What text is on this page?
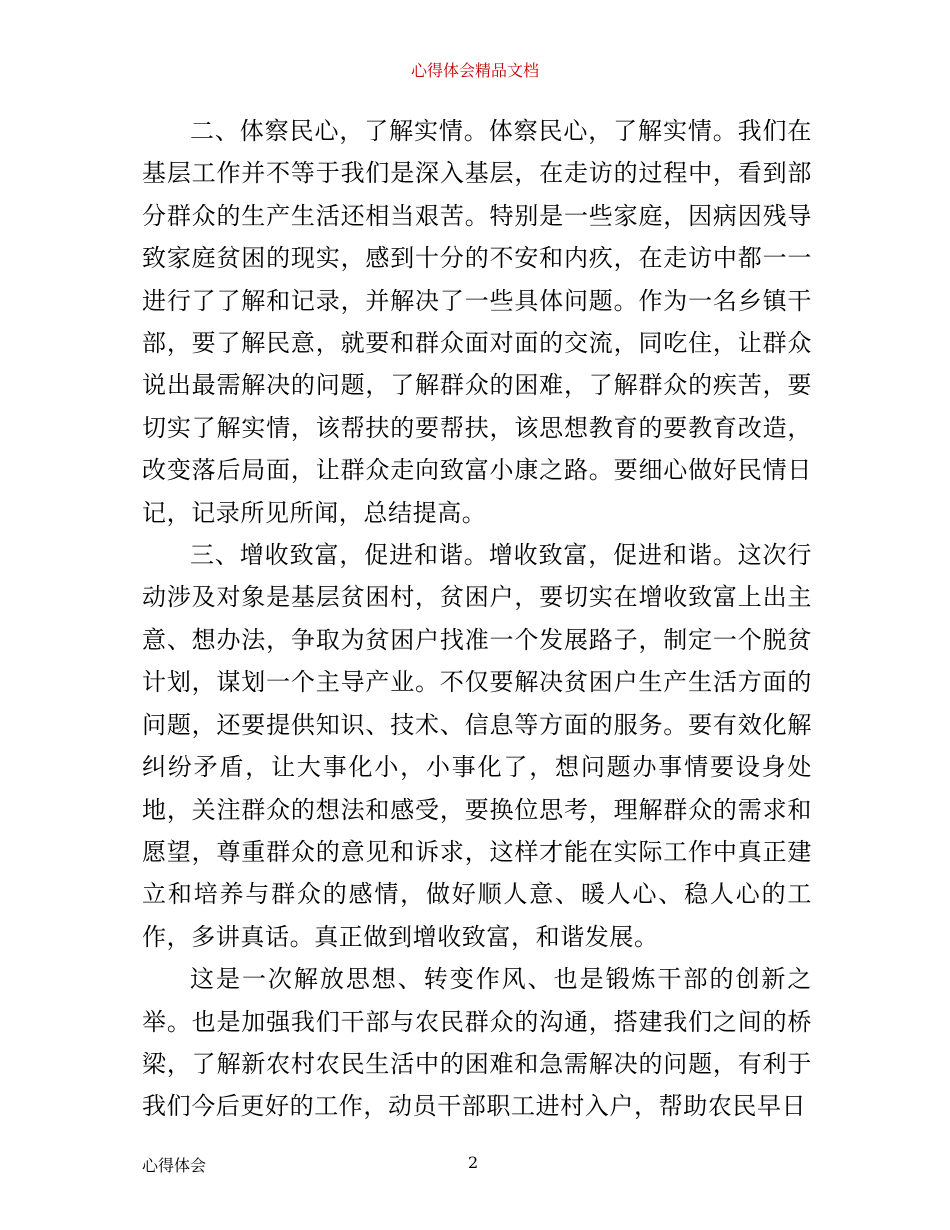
心得体会精品文档

二、体察民心，了解实情。体察民心，了解实情。我们在基层工作并不等于我们是深入基层，在走访的过程中，看到部分群众的生产生活还相当艰苦。特别是一些家庭，因病因残导致家庭贫困的现实，感到十分的不安和内疚，在走访中都一一进行了了解和记录，并解决了一些具体问题。作为一名乡镇干部，要了解民意，就要和群众面对面的交流，同吃住，让群众说出最需解决的问题，了解群众的困难，了解群众的疾苦，要切实了解实情，该帮扶的要帮扶，该思想教育的要教育改造，改变落后局面，让群众走向致富小康之路。要细心做好民情日记，记录所见所闻，总结提高。

三、增收致富，促进和谐。增收致富，促进和谐。这次行动涉及对象是基层贫困村，贫困户，要切实在增收致富上出主意、想办法，争取为贫困户找准一个发展路子，制定一个脱贫计划，谋划一个主导产业。不仅要解决贫困户生产生活方面的问题，还要提供知识、技术、信息等方面的服务。要有效化解纠纷矛盾，让大事化小，小事化了，想问题办事情要设身处地，关注群众的想法和感受，要换位思考，理解群众的需求和愿望，尊重群众的意见和诉求，这样才能在实际工作中真正建立和培养与群众的感情，做好顺人意、暖人心、稳人心的工作，多讲真话。真正做到增收致富，和谐发展。

这是一次解放思想、转变作风、也是锻炼干部的创新之举。也是加强我们干部与农民群众的沟通，搭建我们之间的桥梁，了解新农村农民生活中的困难和急需解决的问题，有利于我们今后更好的工作，动员干部职工进村入户，帮助农民早日

心得体会	2
